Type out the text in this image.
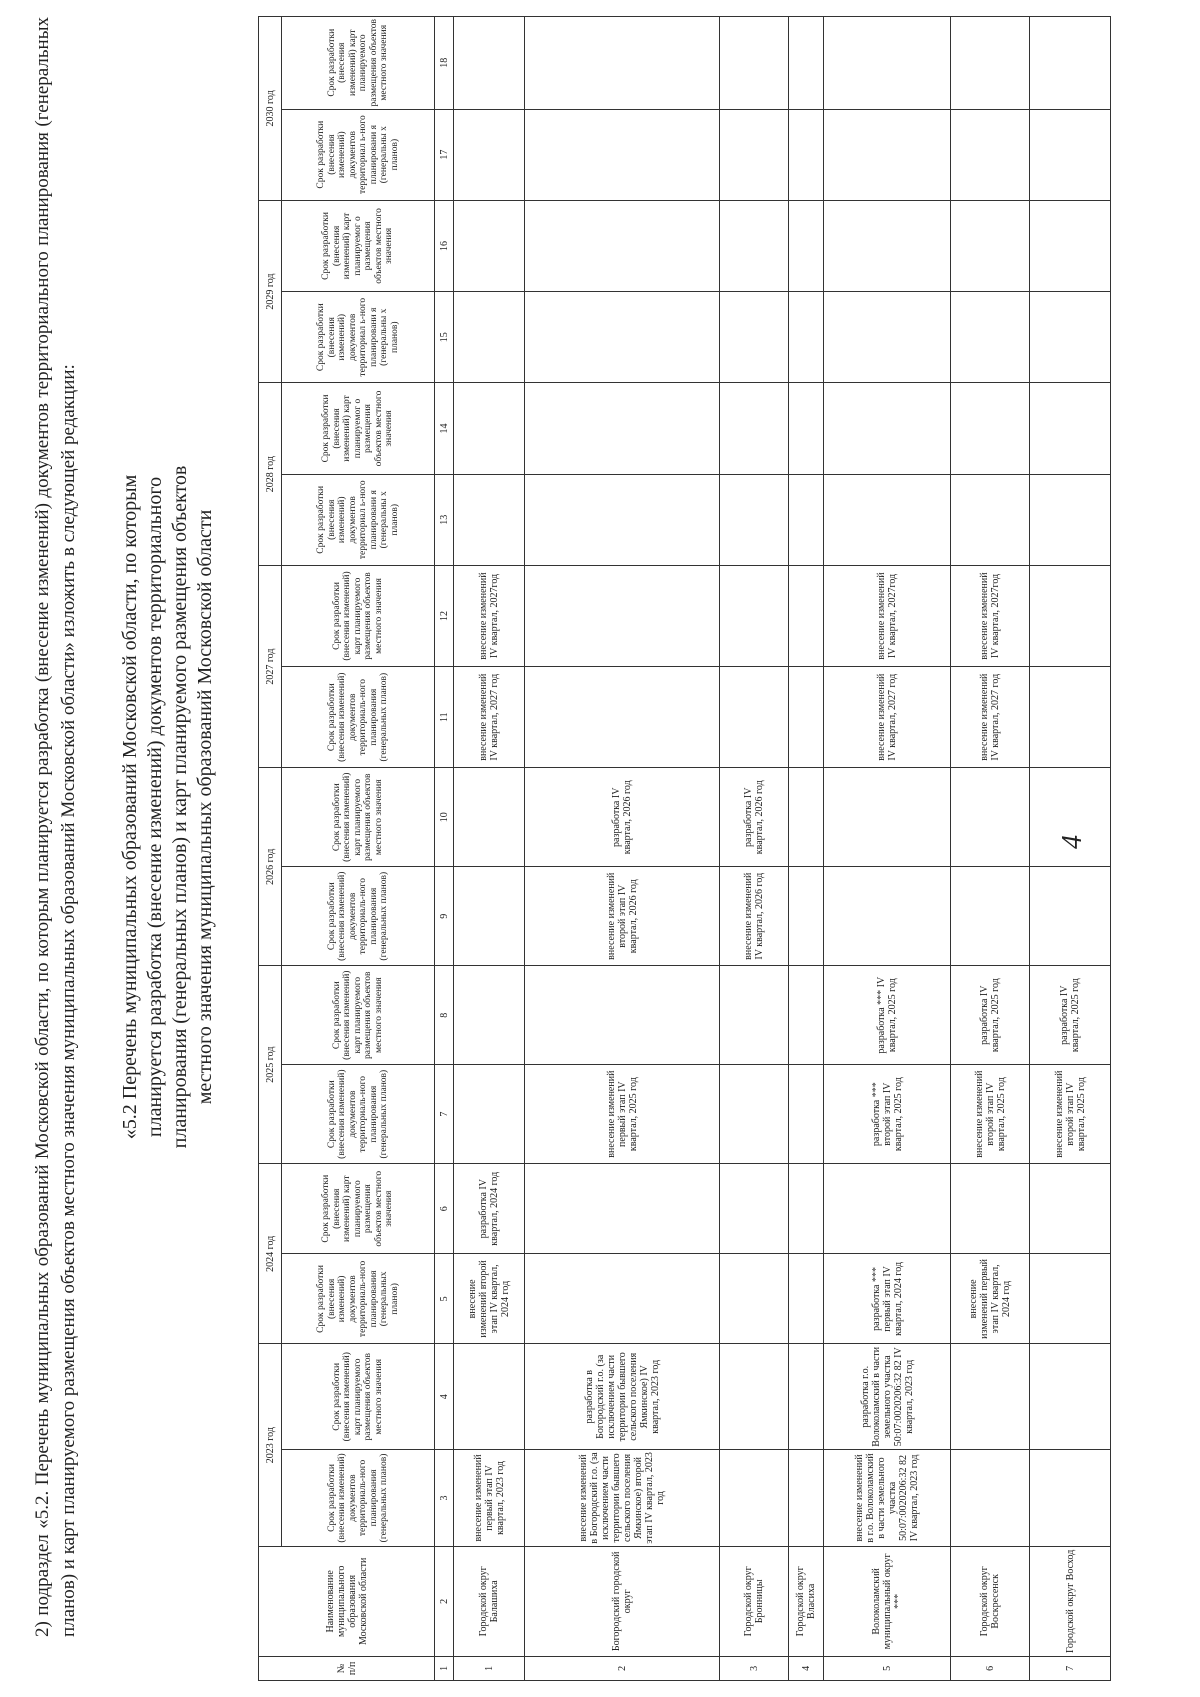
4
2) подраздел «5.2. Перечень муниципальных образований Московской области, по которым планируется разработка (внесение изменений) документов территориального планирования (генеральных планов) и карт планируемого размещения объектов местного значения муниципальных образований Московской области» изложить в следующей редакции: «5.2 Перечень муниципальных образований Московской области, по которым планируется разработка (внесение изменений) документов территориального планирования (генеральных планов) и карт планируемого размещения объектов местного значения муниципальных образований Московской области
№ п/п	Наименование муниципального образования Московской области	2023 год		2024 год		2025 год		2026 год		2027 год		2028 год		2029 год		2030 год	
		Срок разработки (внесения изменений) документов территориаль-ного планирования (генеральных планов)	Срок разработки (внесения изменений) карт планируемого размещения объектов местного значения	Срок разработки (внесения изменений) документов территориаль-ного планирования (генеральных планов)	Срок разработки (внесения изменений) карт планируемого размещения объектов местного значения	Срок разработки (внесения изменений) документов территориаль-ного планирования (генеральных планов)	Срок разработки (внесения изменений) карт планируемого размещения объектов местного значения	Срок разработки (внесения изменений) документов территориаль-ного планирования (генеральных планов)	Срок разработки (внесения изменений) карт планируемого размещения объектов местного значения	Срок разработки (внесения изменений) документов территориаль-ного планирования (генеральных планов)	Срок разработки (внесения изменений) карт планируемого размещения объектов местного значения	Срок разработки (внесения изменений) документов территориал ь-ного планировани я (генеральны х планов)	Срок разработки (внесения изменений) карт планируемог о размещения объектов местного значения	Срок разработки (внесения изменений) документов территориал ь-ного планировани я (генеральны х планов)	Срок разработки (внесения изменений) карт планируемог о размещения объектов местного значения	Срок разработки (внесения изменений) документов территориал ь-ного планировани я (генеральны х планов)	Срок разработки (внесения изменений) карт планируемого размещения объектов местного значения
1	2	3	4	5	6	7	8	9	10	11	12	13	14	15	16	17	18
1	Городской округ Балашиха	внесение изменений первый этап IV квартал, 2023 год		внесение изменений второй этап IV квартал, 2024 год	разработка IV квартал, 2024 год					внесение изменений IV квартал, 2027 год	внесение изменений IV квартал, 2027год						
2	Богородский городской округ	внесение изменений в Богородский г.о. (за исключением части территории бывшего сельского поселения Ямкинское) второй этап IV квартал, 2023 год	разработка в Богородский г.о. (за исключением части территории бывшего сельского поселения Ямкинское) IV квартал, 2023 год			внесение изменений первый этап IV квартал, 2025 год		внесение изменений второй этап IV квартал, 2026 год	разработка IV квартал, 2026 год								
3	Городской округ Бронницы							внесение изменений IV квартал, 2026 год	разработка IV квартал, 2026 год								
4	Городской округ Власиха																
5	Волоколамский муниципальный округ ***	внесение изменений в г.о. Волоколамский в части земельного участка 50:07:0020206:32 82 IV квартал, 2023 год	разработка г.о. Волоколамский в части земельного участка 50:07:0020206:32 82 IV квартал, 2023 год	разработка *** первый этап IV квартал, 2024 год		разработка *** второй этап IV квартал, 2025 год	разработка *** IV квартал, 2025 год			внесение изменений IV квартал, 2027 год	внесение изменений IV квартал, 2027год						
6	Городской округ Воскресенск			внесение изменений первый этап IV квартал, 2024 год		внесение изменений второй этап IV квартал, 2025 год	разработка IV квартал, 2025 год			внесение изменений IV квартал, 2027 год	внесение изменений IV квартал, 2027год						
7	Городской округ Восход					внесение изменений второй этап IV квартал, 2025 год	разработка IV квартал, 2025 год										
